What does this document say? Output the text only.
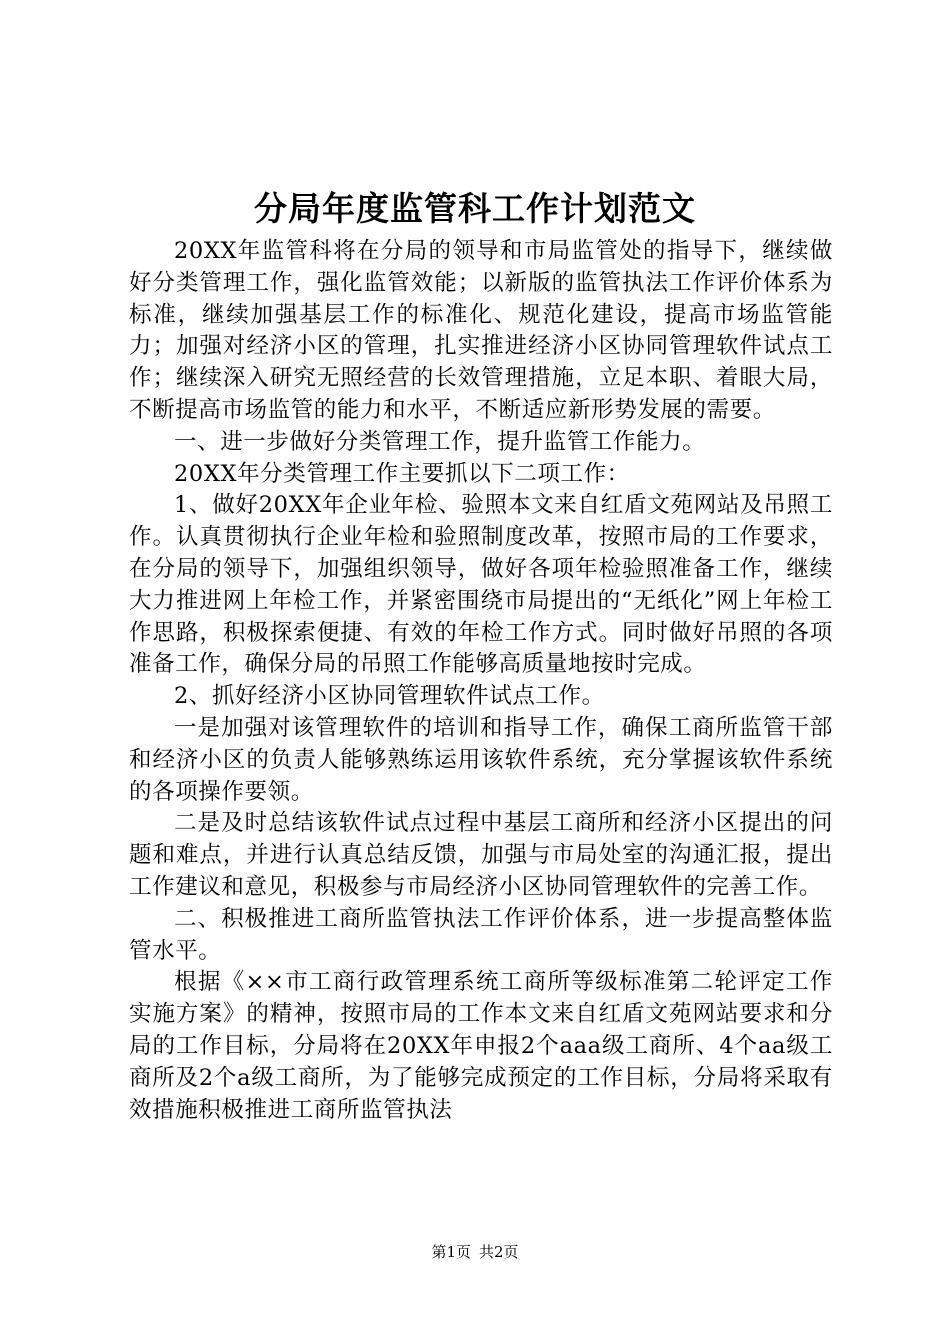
分局年度监管科工作计划范文

20XX年监管科将在分局的领导和市局监管处的指导下，继续做好分类管理工作，强化监管效能；以新版的监管执法工作评价体系为标准，继续加强基层工作的标准化、规范化建设，提高市场监管能力；加强对经济小区的管理，扎实推进经济小区协同管理软件试点工作；继续深入研究无照经营的长效管理措施，立足本职、着眼大局，不断提高市场监管的能力和水平，不断适应新形势发展的需要。

一、进一步做好分类管理工作，提升监管工作能力。

20XX年分类管理工作主要抓以下二项工作：

1、做好20XX年企业年检、验照本文来自红盾文苑网站及吊照工作。认真贯彻执行企业年检和验照制度改革，按照市局的工作要求，在分局的领导下，加强组织领导，做好各项年检验照准备工作，继续大力推进网上年检工作，并紧密围绕市局提出的“无纸化”网上年检工作思路，积极探索便捷、有效的年检工作方式。同时做好吊照的各项准备工作，确保分局的吊照工作能够高质量地按时完成。

2、抓好经济小区协同管理软件试点工作。

一是加强对该管理软件的培训和指导工作，确保工商所监管干部和经济小区的负责人能够熟练运用该软件系统，充分掌握该软件系统的各项操作要领。

二是及时总结该软件试点过程中基层工商所和经济小区提出的问题和难点，并进行认真总结反馈，加强与市局处室的沟通汇报，提出工作建议和意见，积极参与市局经济小区协同管理软件的完善工作。

二、积极推进工商所监管执法工作评价体系，进一步提高整体监管水平。

根据《××市工商行政管理系统工商所等级标准第二轮评定工作实施方案》的精神，按照市局的工作本文来自红盾文苑网站要求和分局的工作目标，分局将在20XX年申报2个aaa级工商所、4个aa级工商所及2个a级工商所，为了能够完成预定的工作目标，分局将采取有效措施积极推进工商所监管执法

第1页 共2页
